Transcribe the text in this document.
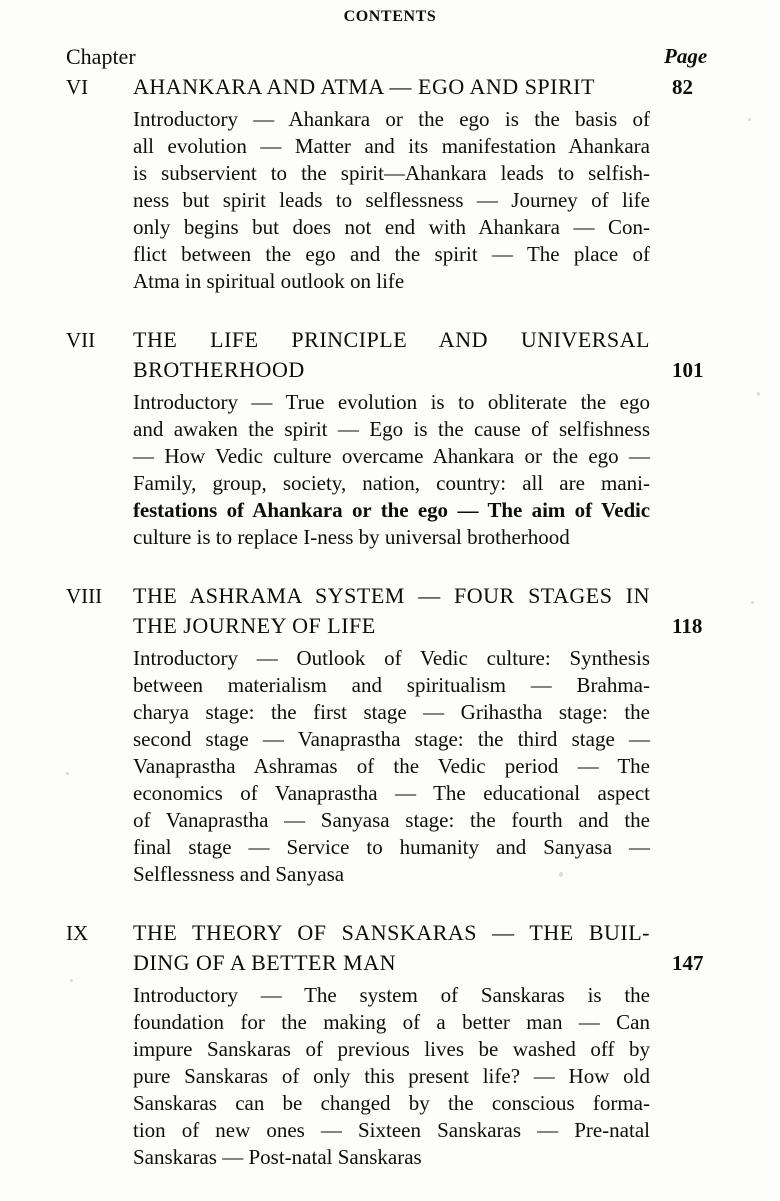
CONTENTS
Chapter	Page
VI	AHANKARA AND ATMA — EGO AND SPIRIT	82
Introductory — Ahankara or the ego is the basis of
all evolution — Matter and its manifestation Ahankara
is subservient to the spirit—Ahankara leads to selfish-
ness but spirit leads to selflessness — Journey of life
only begins but does not end with Ahankara — Con-
flict between the ego and the spirit — The place of
Atma in spiritual outlook on life
VII	THE LIFE PRINCIPLE AND UNIVERSAL
BROTHERHOOD	101
Introductory — True evolution is to obliterate the ego
and awaken the spirit — Ego is the cause of selfishness
— How Vedic culture overcame Ahankara or the ego —
Family, group, society, nation, country: all are mani-
festations of Ahankara or the ego — The aim of Vedic
culture is to replace I-ness by universal brotherhood
VIII	THE ASHRAMA SYSTEM — FOUR STAGES IN
THE JOURNEY OF LIFE	118
Introductory — Outlook of Vedic culture: Synthesis
between materialism and spiritualism — Brahma-
charya stage: the first stage — Grihastha stage: the
second stage — Vanaprastha stage: the third stage —
Vanaprastha Ashramas of the Vedic period — The
economics of Vanaprastha — The educational aspect
of Vanaprastha — Sanyasa stage: the fourth and the
final stage — Service to humanity and Sanyasa —
Selflessness and Sanyasa
IX	THE THEORY OF SANSKARAS — THE BUIL-
DING OF A BETTER MAN	147
Introductory — The system of Sanskaras is the
foundation for the making of a better man — Can
impure Sanskaras of previous lives be washed off by
pure Sanskaras of only this present life? — How old
Sanskaras can be changed by the conscious forma-
tion of new ones — Sixteen Sanskaras — Pre-natal
Sanskaras — Post-natal Sanskaras
